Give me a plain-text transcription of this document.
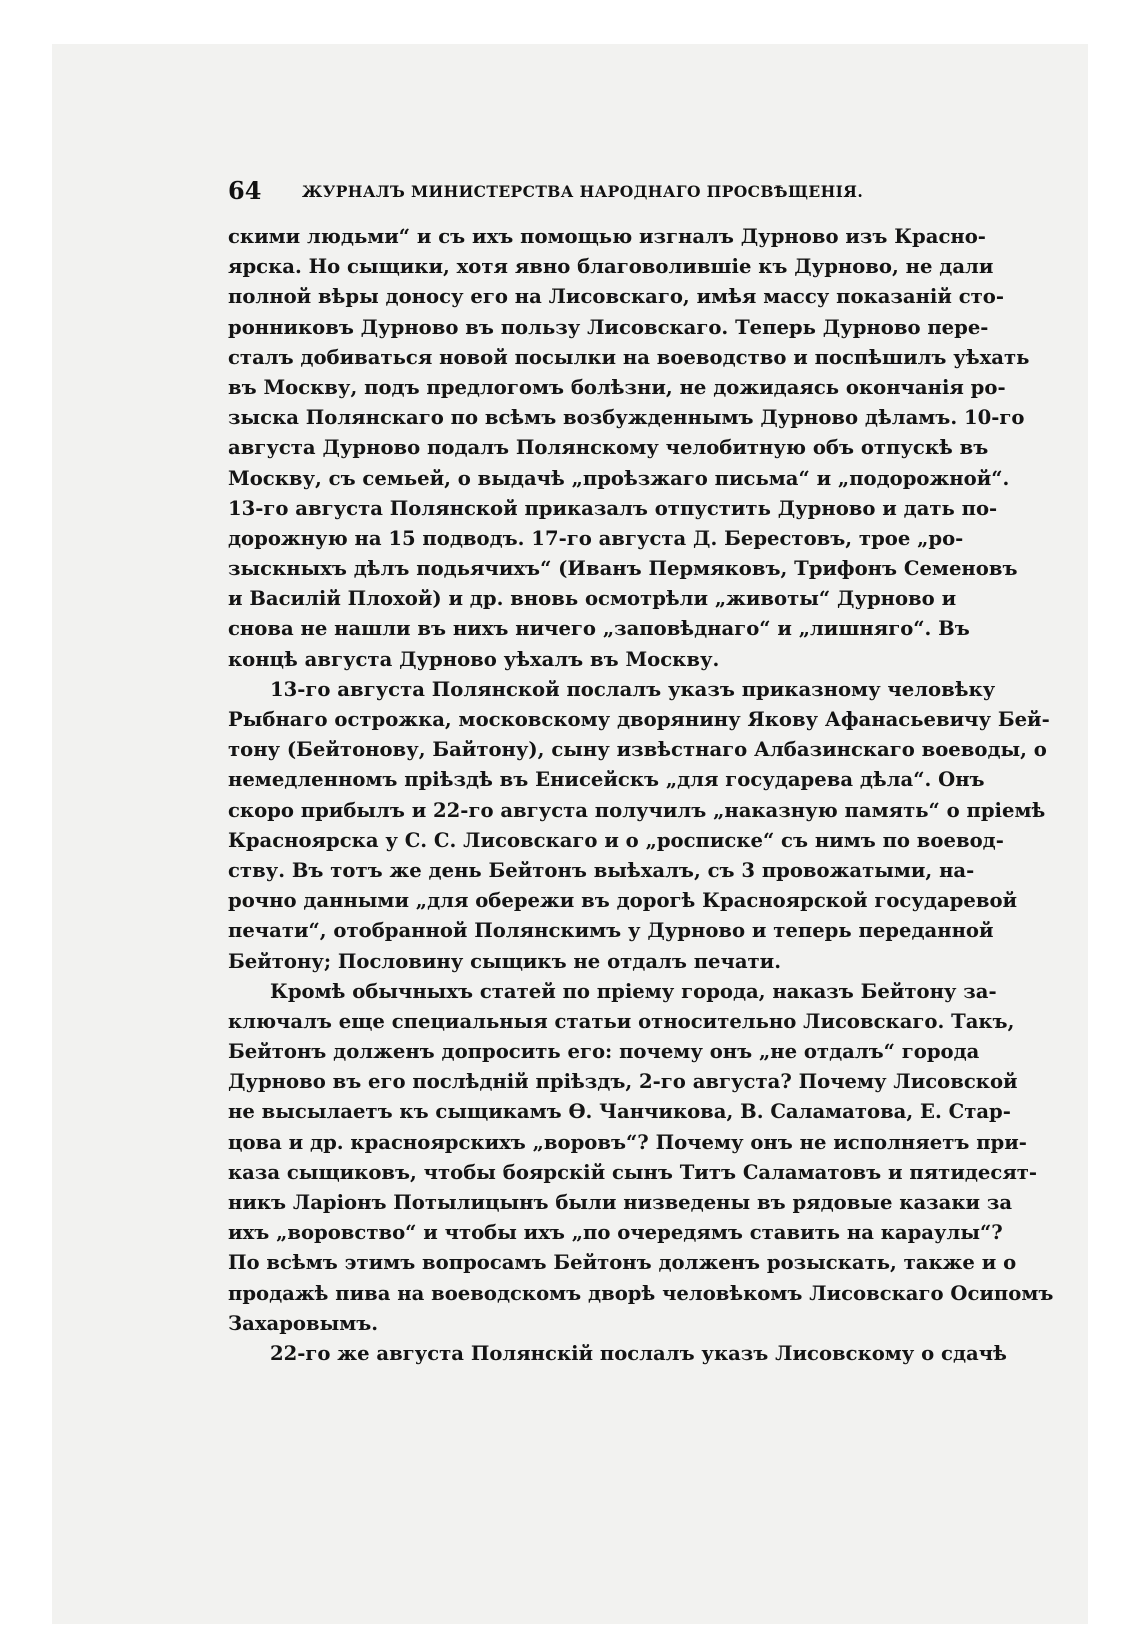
64	ЖУРНАЛЪ МИНИСТЕРСТВА НАРОДНАГО ПРОСВѢЩЕНІЯ.

скими людьми“ и съ ихъ помощью изгналъ Дурново изъ Красно-
ярска. Но сыщики, хотя явно благоволившіе къ Дурново, не дали
полной вѣры доносу его на Лисовскаго, имѣя массу показаній сто-
ронниковъ Дурново въ пользу Лисовскаго. Теперь Дурново пере-
сталъ добиваться новой посылки на воеводство и поспѣшилъ уѣхать
въ Москву, подъ предлогомъ болѣзни, не дожидаясь окончанія ро-
зыска Полянскаго по всѣмъ возбужденнымъ Дурново дѣламъ. 10-го
августа Дурново подалъ Полянскому челобитную объ отпускѣ въ
Москву, съ семьей, о выдачѣ „проѣзжаго письма“ и „подорожной“.
13-го августа Полянской приказалъ отпустить Дурново и дать по-
дорожную на 15 подводъ. 17-го августа Д. Берестовъ, трое „ро-
зыскныхъ дѣлъ подьячихъ“ (Иванъ Пермяковъ, Трифонъ Семеновъ
и Василій Плохой) и др. вновь осмотрѣли „животы“ Дурново и
снова не нашли въ нихъ ничего „заповѣднаго“ и „лишняго“. Въ
концѣ августа Дурново уѣхалъ въ Москву.

13-го августа Полянской послалъ указъ приказному человѣку
Рыбнаго острожка, московскому дворянину Якову Афанасьевичу Бей-
тону (Бейтонову, Байтону), сыну извѣстнаго Албазинскаго воеводы, о
немедленномъ пріѣздѣ въ Енисейскъ „для государева дѣла“. Онъ
скоро прибылъ и 22-го августа получилъ „наказную память“ о пріемѣ
Красноярска у С. С. Лисовскаго и о „росписке“ съ нимъ по воевод-
ству. Въ тотъ же день Бейтонъ выѣхалъ, съ 3 провожатыми, на-
рочно данными „для обережи въ дорогѣ Красноярской государевой
печати“, отобранной Полянскимъ у Дурново и теперь переданной
Бейтону; Пословину сыщикъ не отдалъ печати.

Кромѣ обычныхъ статей по пріему города, наказъ Бейтону за-
ключалъ еще специальныя статьи относительно Лисовскаго. Такъ,
Бейтонъ долженъ допросить его: почему онъ „не отдалъ“ города
Дурново въ его послѣдній пріѣздъ, 2-го августа? Почему Лисовской
не высылаетъ къ сыщикамъ Ѳ. Чанчикова, В. Саламатова, Е. Стар-
цова и др. красноярскихъ „воровъ“? Почему онъ не исполняетъ при-
каза сыщиковъ, чтобы боярскій сынъ Титъ Саламатовъ и пятидесят-
никъ Ларіонъ Потылицынъ были низведены въ рядовые казаки за
ихъ „воровство“ и чтобы ихъ „по очередямъ ставить на караулы“?
По всѣмъ этимъ вопросамъ Бейтонъ долженъ розыскать, также и о
продажѣ пива на воеводскомъ дворѣ человѣкомъ Лисовскаго Осипомъ
Захаровымъ.

22-го же августа Полянскій послалъ указъ Лисовскому о сдачѣ
